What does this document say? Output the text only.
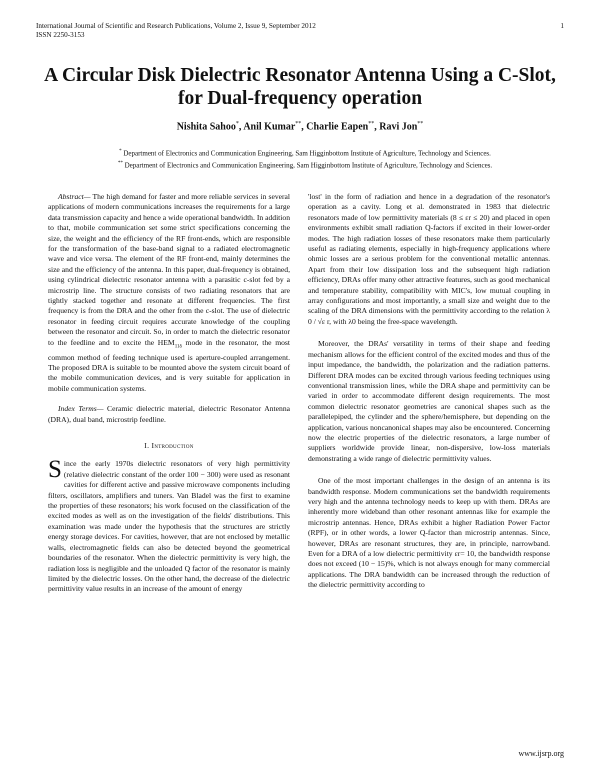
International Journal of Scientific and Research Publications, Volume 2, Issue 9, September 2012
ISSN 2250-3153
1
A Circular Disk Dielectric Resonator Antenna Using a C-Slot, for Dual-frequency operation
Nishita Sahoo*, Anil Kumar**, Charlie Eapen**, Ravi Jon**
* Department of Electronics and Communication Engineering, Sam Higginbottom Institute of Agriculture, Technology and Sciences.
** Department of Electronics and Communication Engineering, Sam Higginbottom Institute of Agriculture, Technology and Sciences.

Abstract— The high demand for faster and more reliable services in several applications of modern communications increases the requirements for a large data transmission capacity and hence a wide operational bandwidth. In addition to that, mobile communication set some strict specifications concerning the size, the weight and the efficiency of the RF front-ends, which are responsible for the transformation of the base-band signal to a radiated electromagnetic wave and vice versa. The element of the RF front-end, mainly determines the size and the efficiency of the antenna. In this paper, dual-frequency is obtained, using cylindrical dielectric resonator antenna with a parasitic c-slot fed by a microstrip line. The structure consists of two radiating resonators that are tightly stacked together and resonate at different frequencies. The first frequency is from the DRA and the other from the c-slot. The use of dielectric resonator in feeding circuit requires accurate knowledge of the coupling between the resonator and circuit. So, in order to match the dielectric resonator to the feedline and to excite the $HEM_{11\delta}$ mode in the resonator, the most common method of feeding technique used is aperture-coupled arrangement. The proposed DRA is suitable to be mounted above the system circuit board of the mobile communication devices, and is very suitable for application in mobile communication systems.

Index Terms— Ceramic dielectric material, dielectric Resonator Antenna (DRA), dual band, microstrip feedline.

I. Introduction

Since the early 1970s dielectric resonators of very high permittivity (relative dielectric constant of the order 100 − 300) were used as resonant cavities for different active and passive microwave components including filters, oscillators, amplifiers and tuners. Van Bladel was the first to examine the properties of these resonators; his work focused on the classification of the excited modes as well as on the investigation of the fields' distributions. This examination was made under the hypothesis that the structures are strictly energy storage devices. For cavities, however, that are not enclosed by metallic walls, electromagnetic fields can also be detected beyond the geometrical boundaries of the resonator. When the dielectric permittivity is very high, the radiation loss is negligible and the unloaded Q factor of the resonator is mainly limited by the dielectric losses. On the other hand, the decrease of the dielectric permittivity value results in an increase of the amount of energy

'lost' in the form of radiation and hence in a degradation of the resonator's operation as a cavity. Long et al. demonstrated in 1983 that dielectric resonators made of low permittivity materials (8 ≤ εr ≤ 20) and placed in open environments exhibit small radiation Q-factors if excited in their lower-order modes. The high radiation losses of these resonators make them particularly useful as radiating elements, especially in high-frequency applications where ohmic losses are a serious problem for the conventional metallic antennas. Apart from their low dissipation loss and the subsequent high radiation efficiency, DRAs offer many other attractive features, such as good mechanical and temperature stability, compatibility with MIC's, low mutual coupling in array configurations and most importantly, a small size and weight due to the scaling of the DRA dimensions with the permittivity according to the relation λ 0 / √ε r, with λ0 being the free-space wavelength.

Moreover, the DRAs' versatility in terms of their shape and feeding mechanism allows for the efficient control of the excited modes and thus of the input impedance, the bandwidth, the polarization and the radiation patterns. Different DRA modes can be excited through various feeding techniques using conventional transmission lines, while the DRA shape and permittivity can be varied in order to accommodate different design requirements. The most common dielectric resonator geometries are canonical shapes such as the parallelepiped, the cylinder and the sphere/hemisphere, but depending on the application, various noncanonical shapes may also be encountered. Concerning now the electric properties of the dielectric resonators, a large number of suppliers worldwide provide linear, non-dispersive, low-loss materials demonstrating a wide range of dielectric permittivity values.

One of the most important challenges in the design of an antenna is its bandwidth response. Modern communications set the bandwidth requirements very high and the antenna technology needs to keep up with them. DRAs are inherently more wideband than other resonant antennas like for example the microstrip antennas. Hence, DRAs exhibit a higher Radiation Power Factor (RPF), or in other words, a lower Q-factor than microstrip antennas. Since, however, DRAs are resonant structures, they are, in principle, narrowband. Even for a DRA of a low dielectric permittivity εr= 10, the bandwidth response does not exceed (10 − 15)%, which is not always enough for many commercial applications. The DRA bandwidth can be increased through the reduction of the dielectric permittivity according to

www.ijsrp.org
